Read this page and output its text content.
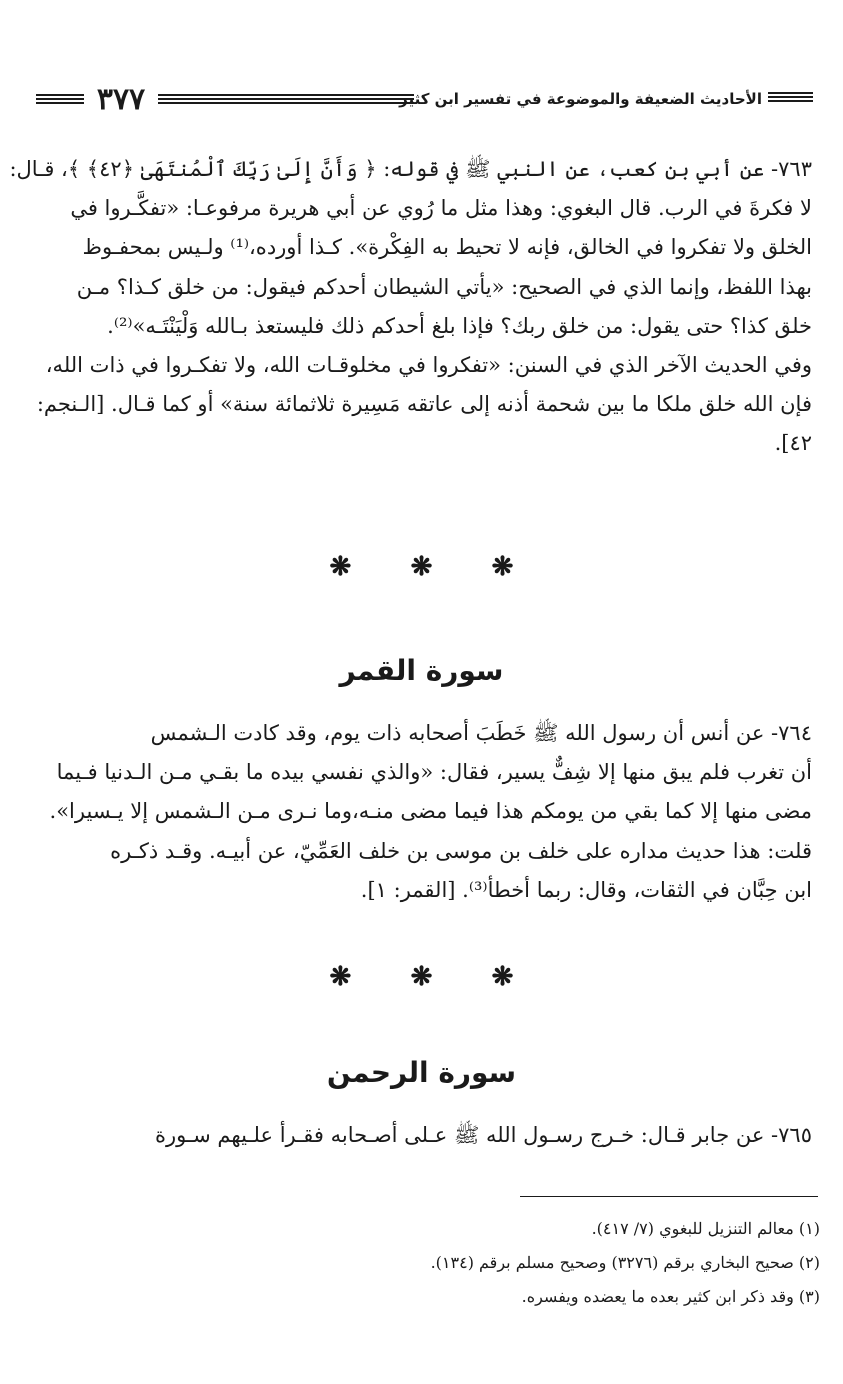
٣٧٧	الأحاديث الضعيفة والموضوعة في تفسير ابن كثير
٧٦٣- عن أبي بن كعب، عن النبي ﷺ في قوله: ﴿ وَأَنَّ إِلَىٰ رَبِّكَ ٱلْمُنتَهَىٰ ﴿٤٢﴾ ﴾، قـال:
لا فكرةَ في الرب. قال البغوي: وهذا مثل ما رُوي عن أبي هريرة مرفوعـا: «تفكَّـروا في
الخلق ولا تفكروا في الخالق، فإنه لا تحيط به الفِكْرة». كـذا أورده،⁽¹⁾ ولـيس بمحفـوظ
بهذا اللفظ، وإنما الذي في الصحيح: «يأتي الشيطان أحدكم فيقول: من خلق كـذا؟ مـن
خلق كذا؟ حتى يقول: من خلق ربك؟ فإذا بلغ أحدكم ذلك فليستعذ بـالله وَلْيَنْتَـه»⁽²⁾.
وفي الحديث الآخر الذي في السنن: «تفكروا في مخلوقـات الله، ولا تفكـروا في ذات الله،
فإن الله خلق ملكا ما بين شحمة أذنه إلى عاتقه مَسِيرة ثلاثمائة سنة» أو كما قـال. [الـنجم:
٤٢].
❋ ❋ ❋
سورة القمر
٧٦٤- عن أنس أن رسول الله ﷺ خَطَبَ أصحابه ذات يوم، وقد كادت الـشمس
أن تغرب فلم يبق منها إلا شِفٌّ يسير، فقال: «والذي نفسي بيده ما بقـي مـن الـدنيا فـيما
مضى منها إلا كما بقي من يومكم هذا فيما مضى منـه،وما نـرى مـن الـشمس إلا يـسيرا».
قلت: هذا حديث مداره على خلف بن موسى بن خلف العَمِّيّ، عن أبيـه. وقـد ذكـره
ابن حِبَّان في الثقات، وقال: ربما أخطأ⁽³⁾. [القمر: ١].
❋ ❋ ❋
سورة الرحمن
٧٦٥- عن جابر قـال: خـرج رسـول الله ﷺ عـلى أصـحابه فقـرأ علـيهم سـورة
(١) معالم التنزيل للبغوي (٧/ ٤١٧).
(٢) صحيح البخاري برقم (٣٢٧٦) وصحيح مسلم برقم (١٣٤).
(٣) وقد ذكر ابن كثير بعده ما يعضده ويفسره.
